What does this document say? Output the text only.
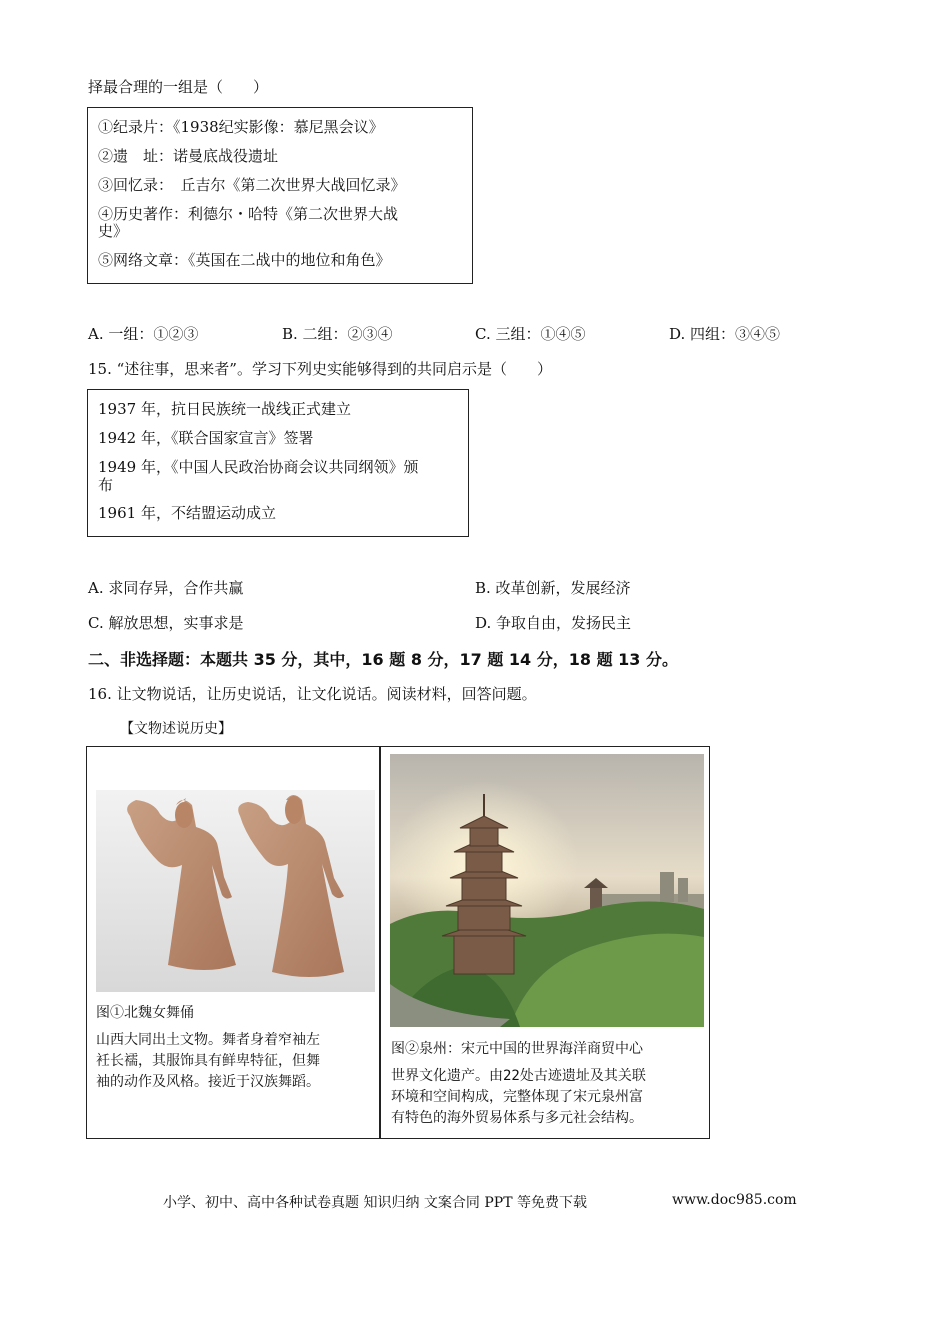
择最合理的一组是（　　）
①纪录片：《1938纪实影像：慕尼黑会议》
②遗　址：诺曼底战役遗址
③回忆录：　丘吉尔《第二次世界大战回忆录》
④历史著作：利德尔・哈特《第二次世界大战
史》
⑤网络文章：《英国在二战中的地位和角色》
A. 一组：①②③	B. 二组：②③④	C. 三组：①④⑤	D. 四组：③④⑤
15. “述往事，思来者”。学习下列史实能够得到的共同启示是（　　）
1937 年，抗日民族统一战线正式建立
1942 年，《联合国家宣言》签署
1949 年，《中国人民政治协商会议共同纲领》颁
布
1961 年，不结盟运动成立
A. 求同存异，合作共赢	B. 改革创新，发展经济
C. 解放思想，实事求是	D. 争取自由，发扬民主
二、非选择题：本题共 35 分，其中，16 题 8 分，17 题 14 分，18 题 13 分。
16. 让文物说话，让历史说话，让文化说话。阅读材料，回答问题。
【文物述说历史】
图①北魏女舞俑
山西大同出土文物。舞者身着窄袖左
衽长襦，其服饰具有鲜卑特征，但舞
袖的动作及风格。接近于汉族舞蹈。
图②泉州：宋元中国的世界海洋商贸中心
世界文化遗产。由22处古迹遗址及其关联
环境和空间构成，完整体现了宋元泉州富
有特色的海外贸易体系与多元社会结构。
小学、初中、高中各种试卷真题 知识归纳 文案合同 PPT 等免费下载	www.doc985.com
